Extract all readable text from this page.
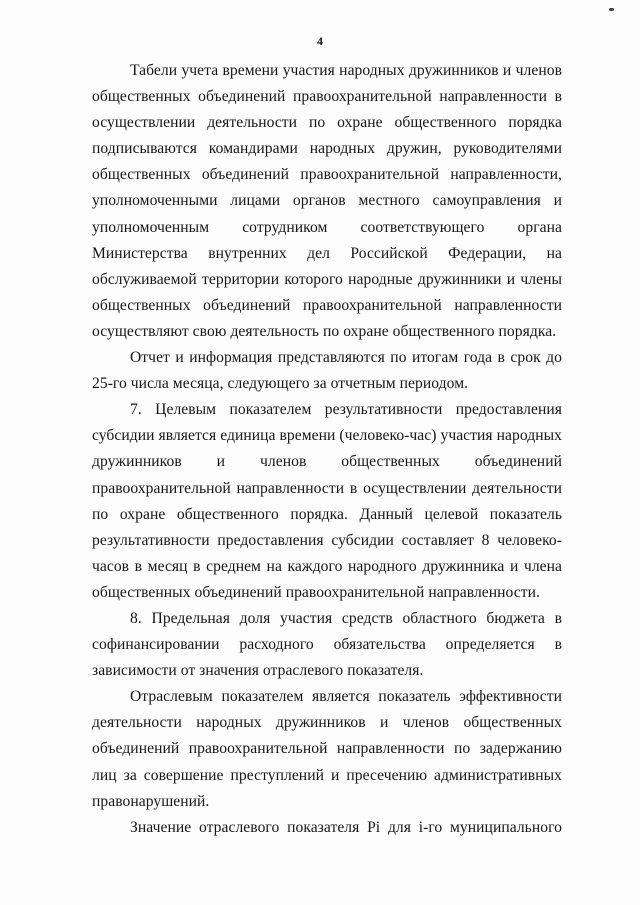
4

Табели учета времени участия народных дружинников и членов общественных объединений правоохранительной направленности в осуществлении деятельности по охране общественного порядка подписываются командирами народных дружин, руководителями общественных объединений правоохранительной направленности, уполномоченными лицами органов местного самоуправления и уполномоченным сотрудником соответствующего органа Министерства внутренних дел Российской Федерации, на обслуживаемой территории которого народные дружинники и члены общественных объединений правоохранительной направленности осуществляют свою деятельность по охране общественного порядка.

Отчет и информация представляются по итогам года в срок до 25-го числа месяца, следующего за отчетным периодом.

7. Целевым показателем результативности предоставления субсидии является единица времени (человеко-час) участия народных дружинников и членов общественных объединений правоохранительной направленности в осуществлении деятельности по охране общественного порядка. Данный целевой показатель результативности предоставления субсидии составляет 8 человеко-часов в месяц в среднем на каждого народного дружинника и члена общественных объединений правоохранительной направленности.

8. Предельная доля участия средств областного бюджета в софинансировании расходного обязательства определяется в зависимости от значения отраслевого показателя.

Отраслевым показателем является показатель эффективности деятельности народных дружинников и членов общественных объединений правоохранительной направленности по задержанию лиц за совершение преступлений и пресечению административных правонарушений.

Значение отраслевого показателя Pi для i-го муниципального
